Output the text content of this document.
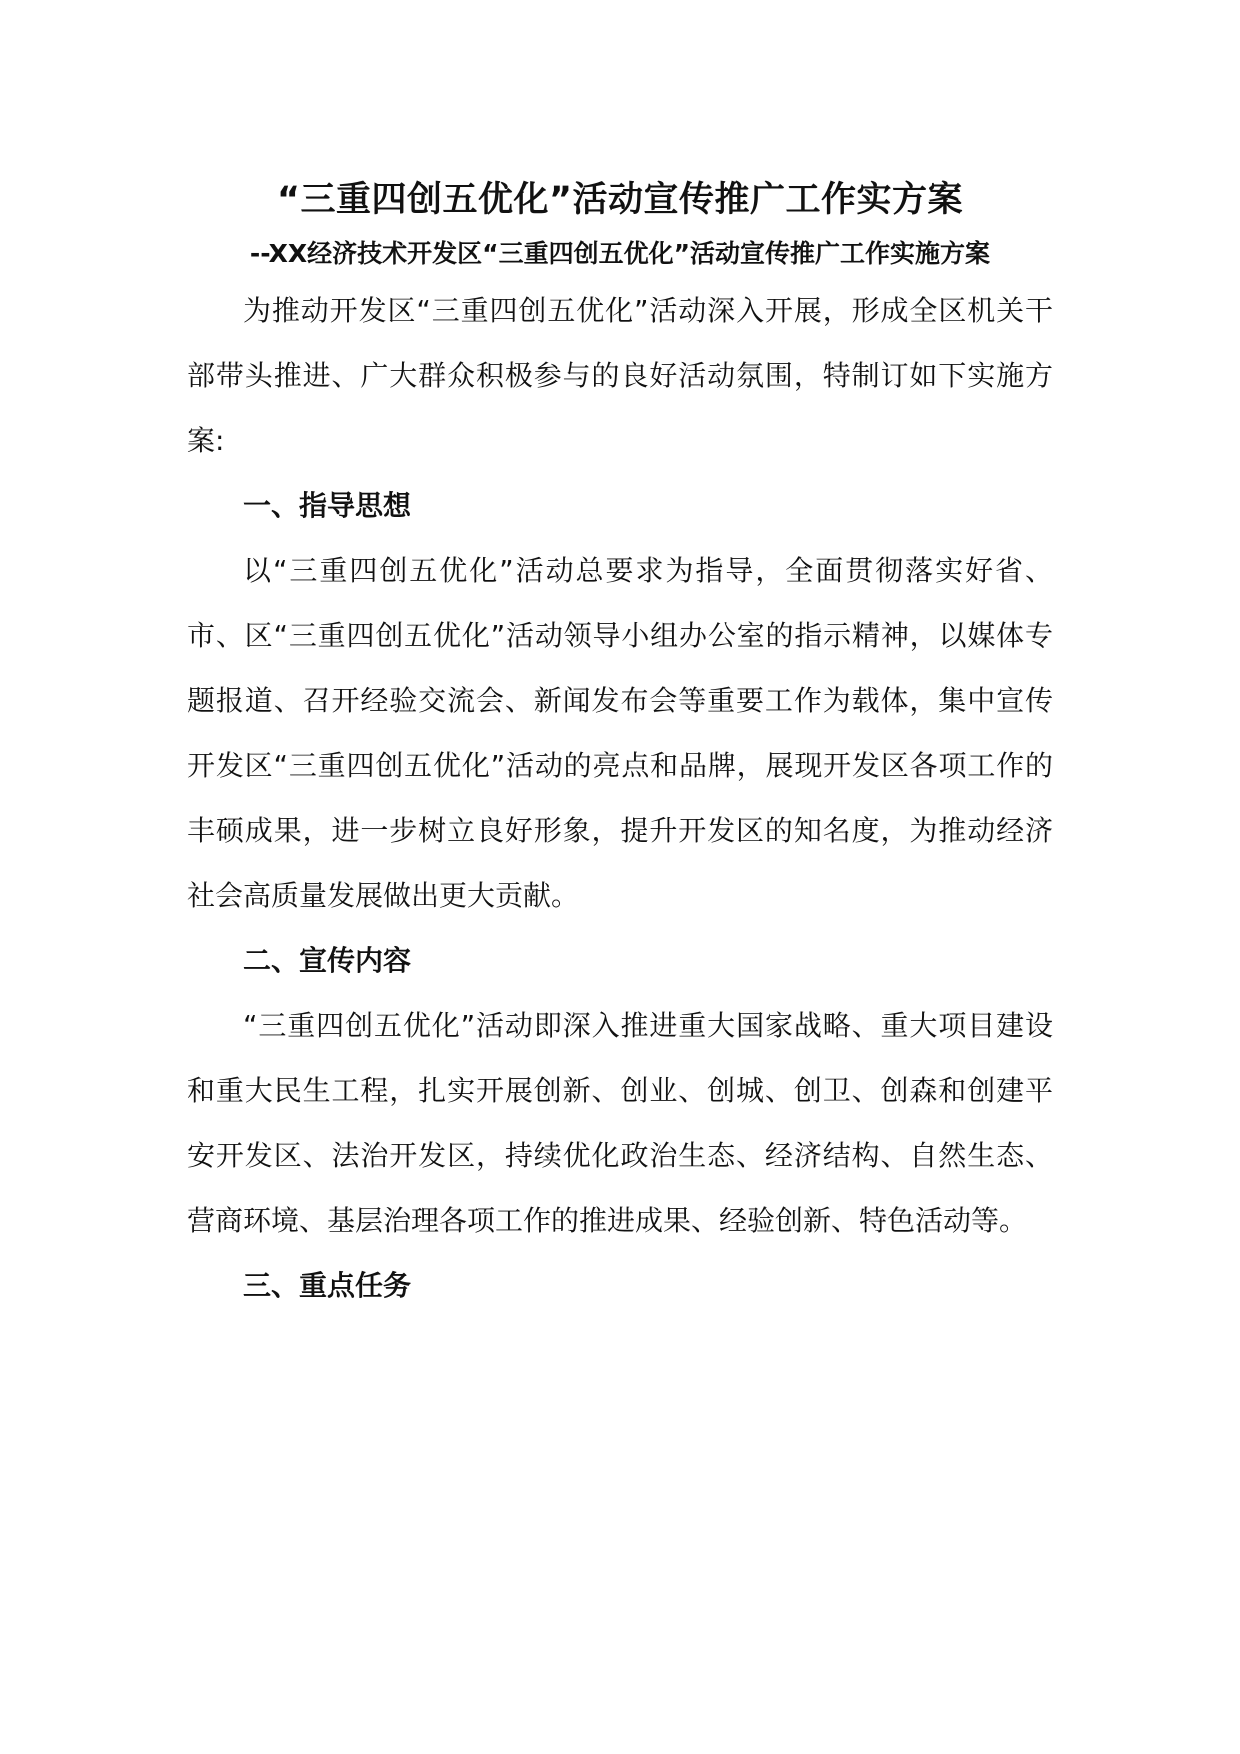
“三重四创五优化”活动宣传推广工作实方案
--XX经济技术开发区“三重四创五优化”活动宣传推广工作实施方案

为推动开发区“三重四创五优化”活动深入开展，形成全区机关干部带头推进、广大群众积极参与的良好活动氛围，特制订如下实施方案:

一、指导思想

以“三重四创五优化”活动总要求为指导，全面贯彻落实好省、市、区“三重四创五优化”活动领导小组办公室的指示精神，以媒体专题报道、召开经验交流会、新闻发布会等重要工作为载体，集中宣传开发区“三重四创五优化”活动的亮点和品牌，展现开发区各项工作的丰硕成果，进一步树立良好形象，提升开发区的知名度，为推动经济社会高质量发展做出更大贡献。

二、宣传内容

“三重四创五优化”活动即深入推进重大国家战略、重大项目建设和重大民生工程，扎实开展创新、创业、创城、创卫、创森和创建平安开发区、法治开发区，持续优化政治生态、经济结构、自然生态、营商环境、基层治理各项工作的推进成果、经验创新、特色活动等。

三、重点任务
